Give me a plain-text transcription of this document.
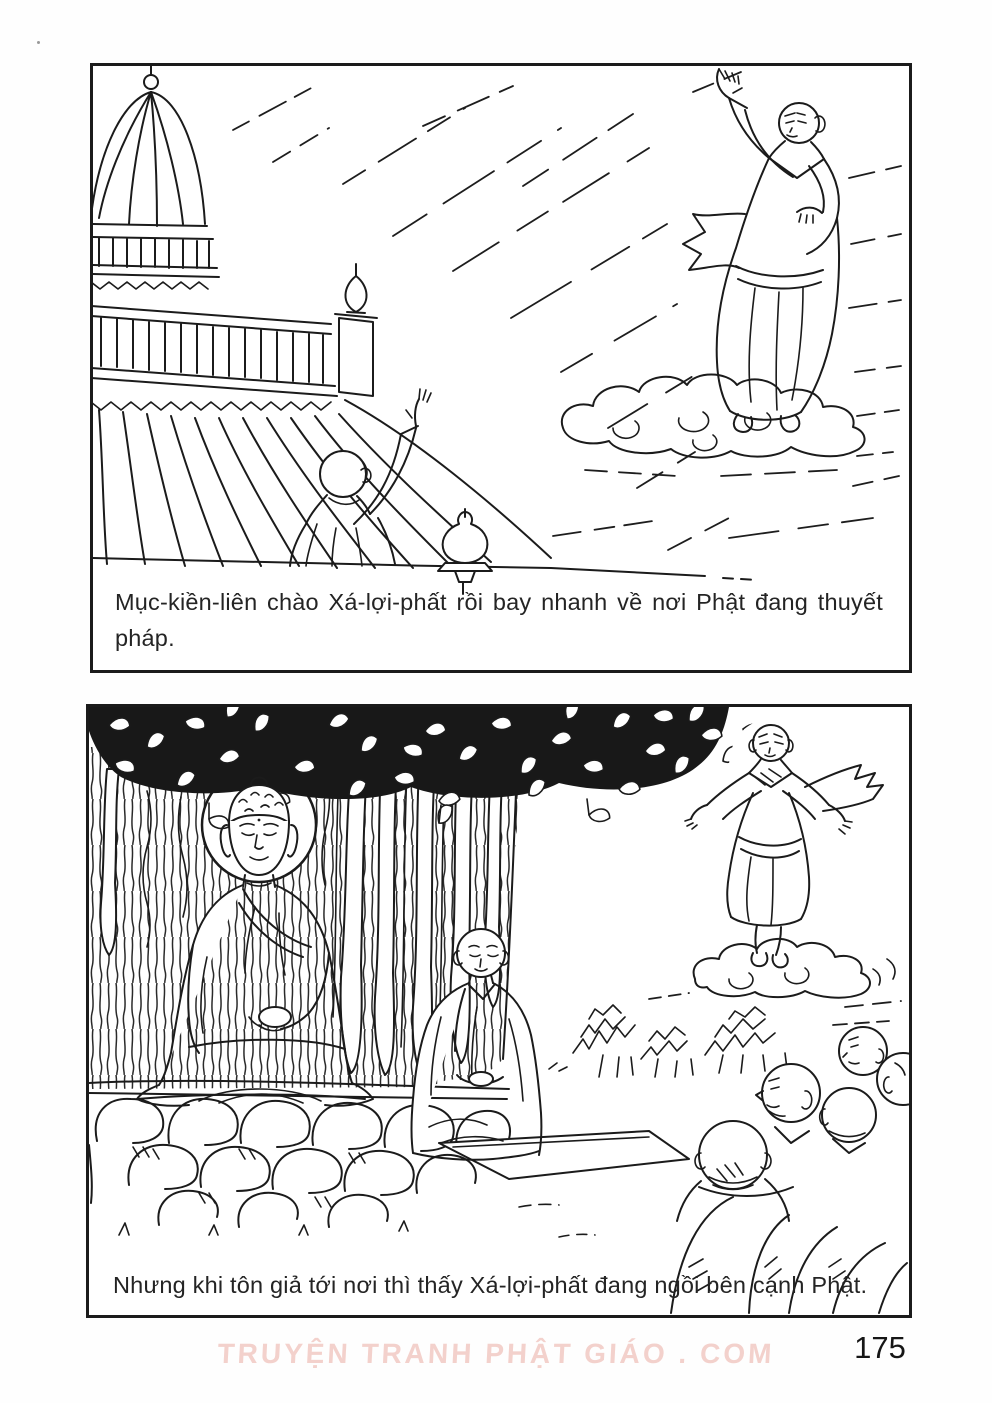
Mục-kiền-liên chào Xá-lợi-phất rồi bay nhanh về nơi Phật đang thuyết pháp.
Nhưng khi tôn giả tới nơi thì thấy Xá-lợi-phất đang ngồi bên cạnh Phật.
TRUYỆN TRANH PHẬT GIÁO . COM	175
